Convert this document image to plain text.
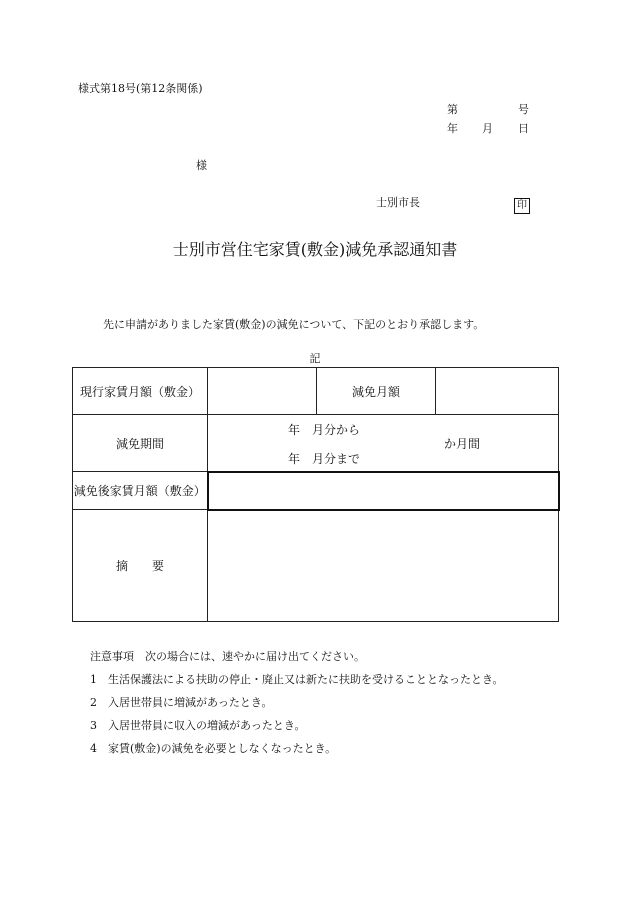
様式第18号(第12条関係)
第	号
年 月 日
様
士別市長	印
士別市営住宅家賃(敷金)減免承認通知書
先に申請がありました家賃(敷金)の減免について、下記のとおり承認します。
記
現行家賃月額（敷金）		減免月額	
減免期間	年　月分から
年　月分まで
か月間		

減免後家賃月額（敷金）			
摘　　要			
注意事項　次の場合には、速やかに届け出てください。
1　生活保護法による扶助の停止・廃止又は新たに扶助を受けることとなったとき。
2　入居世帯員に増減があったとき。
3　入居世帯員に収入の増減があったとき。
4　家賃(敷金)の減免を必要としなくなったとき。
